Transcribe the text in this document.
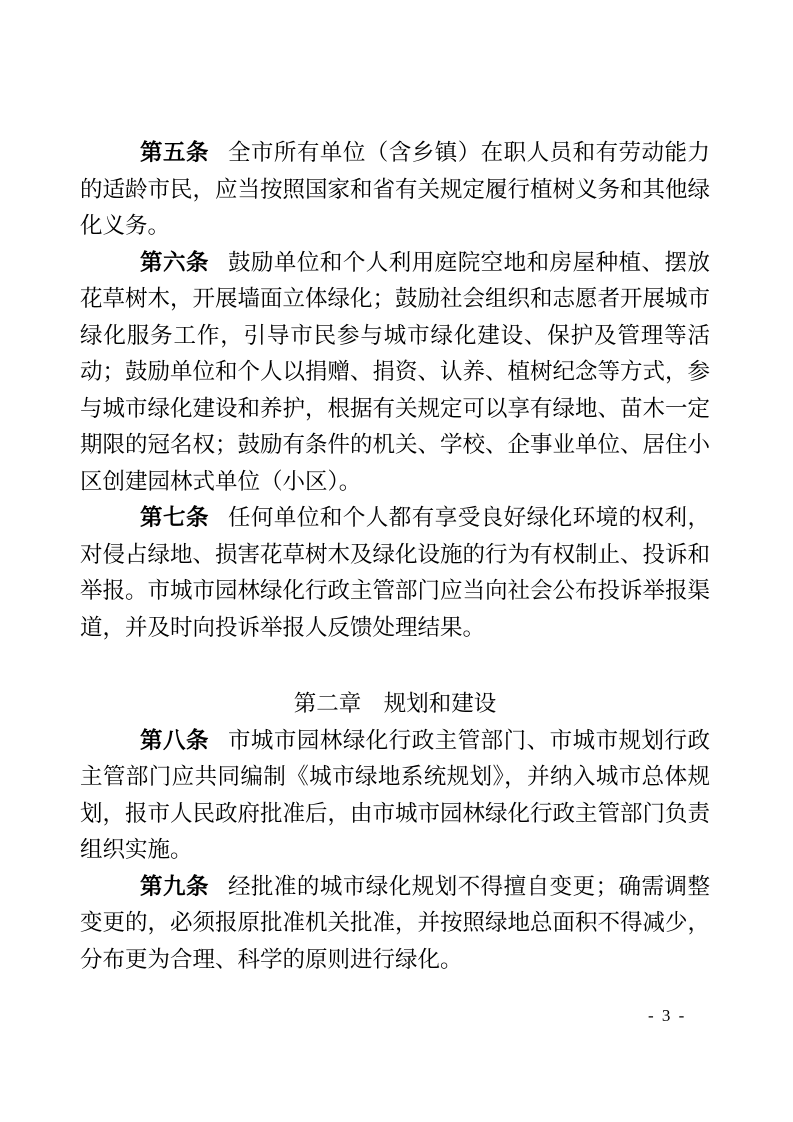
第五条 全市所有单位（含乡镇）在职人员和有劳动能力的适龄市民，应当按照国家和省有关规定履行植树义务和其他绿化义务。

第六条 鼓励单位和个人利用庭院空地和房屋种植、摆放花草树木，开展墙面立体绿化；鼓励社会组织和志愿者开展城市绿化服务工作，引导市民参与城市绿化建设、保护及管理等活动；鼓励单位和个人以捐赠、捐资、认养、植树纪念等方式，参与城市绿化建设和养护，根据有关规定可以享有绿地、苗木一定期限的冠名权；鼓励有条件的机关、学校、企事业单位、居住小区创建园林式单位（小区）。

第七条 任何单位和个人都有享受良好绿化环境的权利，对侵占绿地、损害花草树木及绿化设施的行为有权制止、投诉和举报。市城市园林绿化行政主管部门应当向社会公布投诉举报渠道，并及时向投诉举报人反馈处理结果。

第二章　规划和建设

第八条 市城市园林绿化行政主管部门、市城市规划行政主管部门应共同编制《城市绿地系统规划》，并纳入城市总体规划，报市人民政府批准后，由市城市园林绿化行政主管部门负责组织实施。

第九条 经批准的城市绿化规划不得擅自变更；确需调整变更的，必须报原批准机关批准，并按照绿地总面积不得减少，分布更为合理、科学的原则进行绿化。

- 3 -
